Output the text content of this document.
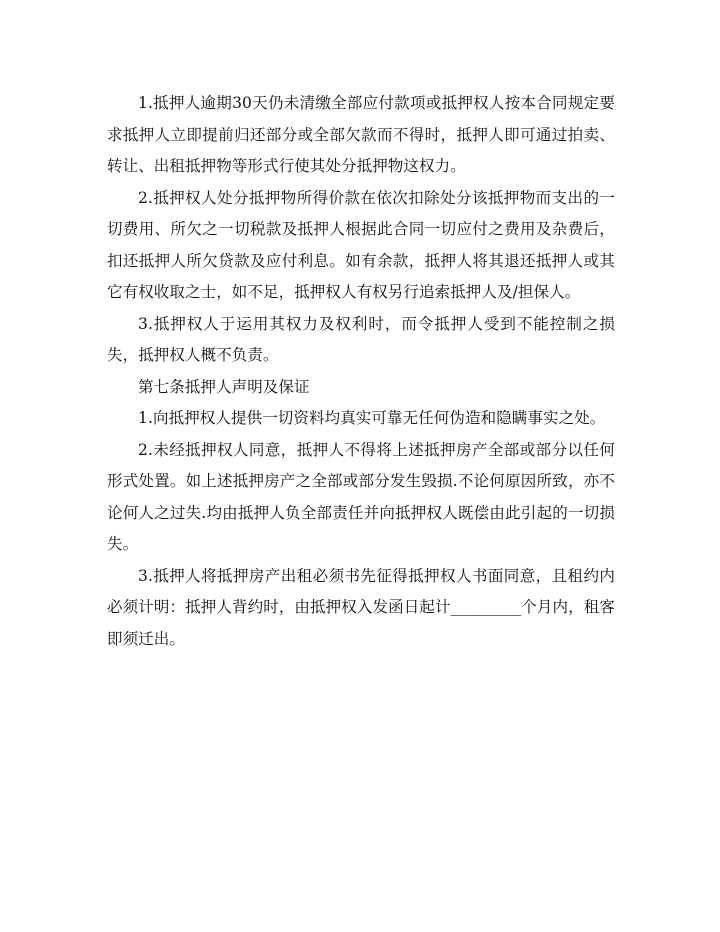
1.抵押人逾期30天仍未清缴全部应付款项或抵押权人按本合同规定要求抵押人立即提前归还部分或全部欠款而不得时，抵押人即可通过拍卖、转让、出租抵押物等形式行使其处分抵押物这权力。

2.抵押权人处分抵押物所得价款在依次扣除处分该抵押物而支出的一切费用、所欠之一切税款及抵押人根据此合同一切应付之费用及杂费后，扣还抵押人所欠贷款及应付利息。如有余款，抵押人将其退还抵押人或其它有权收取之士，如不足，抵押权人有权另行追索抵押人及/担保人。

3.抵押权人于运用其权力及权利时，而令抵押人受到不能控制之损失，抵押权人概不负责。

第七条抵押人声明及保证

1.向抵押权人提供一切资料均真实可靠无任何伪造和隐瞒事实之处。

2.未经抵押权人同意，抵押人不得将上述抵押房产全部或部分以任何形式处置。如上述抵押房产之全部或部分发生毁损.不论何原因所致，亦不论何人之过失.均由抵押人负全部责任并向抵押权人既偿由此引起的一切损失。

3.抵押人将抵押房产出租必须书先征得抵押权人书面同意，且租约内必须计明：抵押人背约时，由抵押权入发函日起计_________个月内，租客即须迁出。
